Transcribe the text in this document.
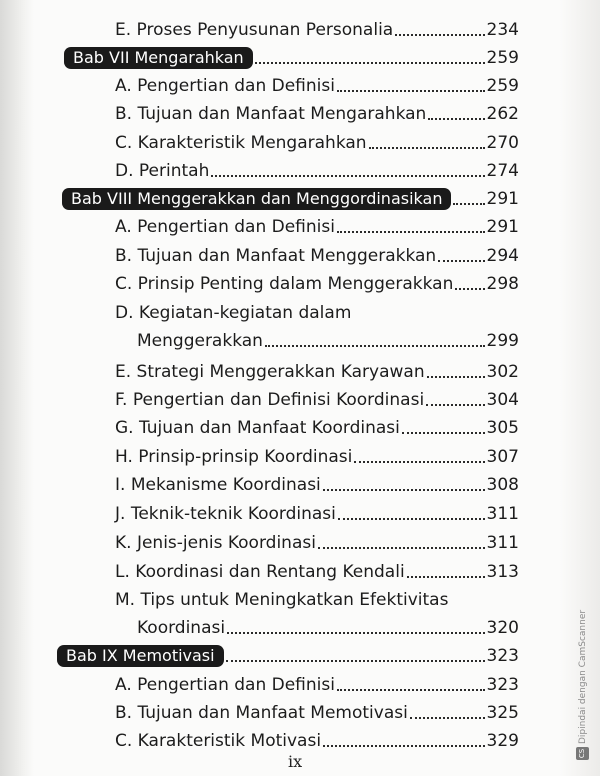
E. Proses Penyusunan Personalia	234
Bab VII Mengarahkan	259
A. Pengertian dan Definisi	259
B. Tujuan dan Manfaat Mengarahkan	262
C. Karakteristik Mengarahkan	270
D. Perintah	274
Bab VIII Menggerakkan dan Menggordinasikan	291
A. Pengertian dan Definisi	291
B. Tujuan dan Manfaat Menggerakkan	294
C. Prinsip Penting dalam Menggerakkan 298
D. Kegiatan-kegiatan dalam
Menggerakkan	299
E. Strategi Menggerakkan Karyawan	302
F. Pengertian dan Definisi Koordinasi	304
G. Tujuan dan Manfaat Koordinasi	305
H. Prinsip-prinsip Koordinasi	307
I. Mekanisme Koordinasi	308
J. Teknik-teknik Koordinasi	311
K. Jenis-jenis Koordinasi	311
L. Koordinasi dan Rentang Kendali	313
M. Tips untuk Meningkatkan Efektivitas
Koordinasi	320
Bab IX Memotivasi	323
A. Pengertian dan Definisi	323
B. Tujuan dan Manfaat Memotivasi	325
C. Karakteristik Motivasi	329
ix	CSDipindai dengan CamScanner
